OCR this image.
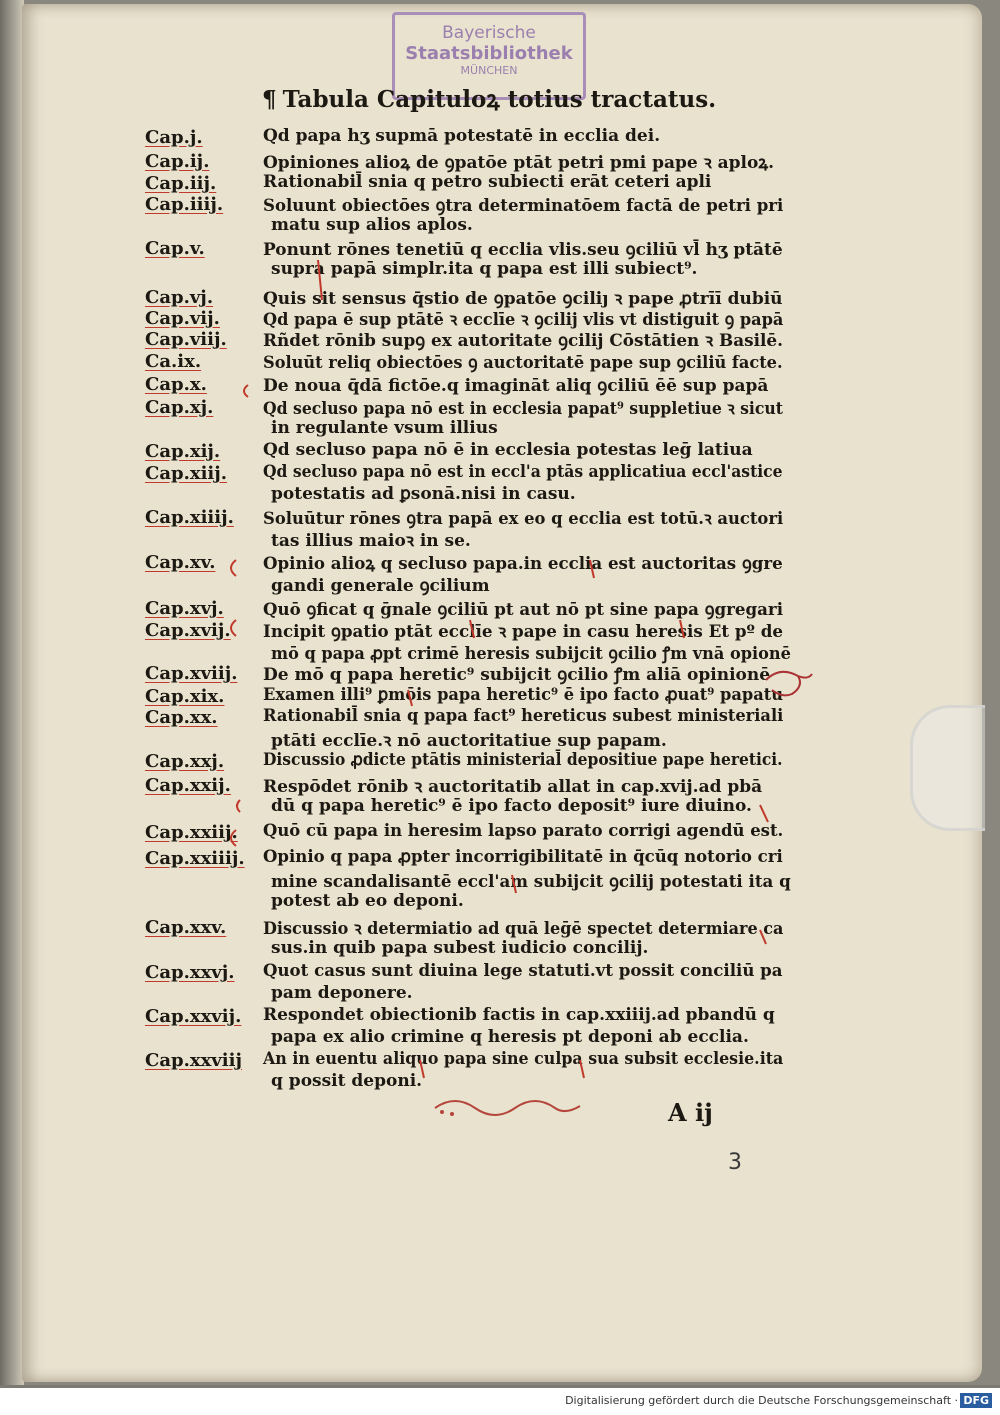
Bayerische
Staatsbibliothek
MÜNCHEN
¶ Tabula Capituloꝝ totius tractatus.
Cap.j.	Qd papa hʒ supmā potestatē in ecclia dei.
Cap.ij.	Opiniones alioꝝ de ꝯpatōe ptāt petri pmi pape ꝛ aploꝝ.
Cap.iij.	Rationabil̄ snia q petro subiecti erāt ceteri apli
Cap.iiij.	Soluunt obiectōes ꝯtra determinatōem factā de petri pri
matu sup alios aplos.
Cap.v.	Ponunt rōnes tenetiū q ecclia vlis.seu ꝯciliū vl̄ hʒ ptātē
supra papā simplr.ita q papa est illi subiect⁹.
Cap.vj.	Quis sit sensus q̄stio de ꝯpatōe ꝯciliȷ ꝛ pape ꝓtrīī dubiū
Cap.vij.	Qd papa ē sup ptātē ꝛ ecclīe ꝛ ꝯcilij vlis vt distiguit ꝯ papā
Cap.viij.	Rñdet rōnib supꝯ ex autoritate ꝯcilij Cōstātien ꝛ Basilē.
Ca.ix.	Soluūt reliq obiectōes ꝯ auctoritatē pape sup ꝯciliū facte.
Cap.x.	De noua q̄dā fictōe.q imagināt aliq ꝯciliū ēē sup papā
Cap.xj.	Qd secluso papa nō est in ecclesia papat⁹ suppletiue ꝛ sicut
in regulante vsum illius
Cap.xij.	Qd secluso papa nō ē in ecclesia potestas leḡ latiua
Cap.xiij.	Qd secluso papa nō est in eccl'a ptās applicatiua eccl'astice
potestatis ad ꝑsonā.nisi in casu.
Cap.xiiij.	Soluūtur rōnes ꝯtra papā ex eo q ecclia est totū.ꝛ auctori
tas illius maioꝛ in se.
Cap.xv.	Opinio alioꝝ q secluso papa.in ecclia est auctoritas ꝯgre
gandi generale ꝯcilium
Cap.xvj.	Quō ꝯficat q ḡnale ꝯciliū pt aut nō pt sine papa ꝯgregari
Cap.xvij.	Incipit ꝯpatio ptāt ecclīe ꝛ pape in casu heresis Et pº de
mō q papa ꝓpt crimē heresis subijcit ꝯcilio ꝭm vnā opionē
Cap.xviij.	De mō q papa heretic⁹ subijcit ꝯcilio ꝭm aliā opinionē
Cap.xix.	Examen illi⁹ ꝑmōis papa heretic⁹ ē ipo facto ꝓuat⁹ papatu
Cap.xx.	Rationabil̄ snia q papa fact⁹ hereticus subest ministeriali
ptāti ecclīe.ꝛ nō auctoritatiue sup papam.
Cap.xxj.	Discussio ꝓdicte ptātis ministerial̄ depositiue pape heretici.
Cap.xxij.	Respōdet rōnib ꝛ auctoritatib allat in cap.xvij.ad pbā
dū q papa heretic⁹ ē ipo facto deposit⁹ iure diuino.
Cap.xxiij.	Quō cū papa in heresim lapso parato corrigi agendū est.
Cap.xxiiij.	Opinio q papa ꝓpter incorrigibilitatē in q̄cūq notorio cri
mine scandalisantē eccl'am subijcit ꝯcilij potestati ita q
potest ab eo deponi.
Cap.xxv.	Discussio ꝛ determiatio ad quā leḡē spectet determiare ca
sus.in quib papa subest iudicio concilij.
Cap.xxvj.	Quot casus sunt diuina lege statuti.vt possit conciliū pa
pam deponere.
Cap.xxvij.	Respondet obiectionib factis in cap.xxiiij.ad pbandū q
papa ex alio crimine q heresis pt deponi ab ecclia.
Cap.xxviij	An in euentu aliquo papa sine culpa sua subsit ecclesie.ita
q possit deponi.
A ij
3
Digitalisierung gefördert durch die Deutsche Forschungsgemeinschaft · DFG
